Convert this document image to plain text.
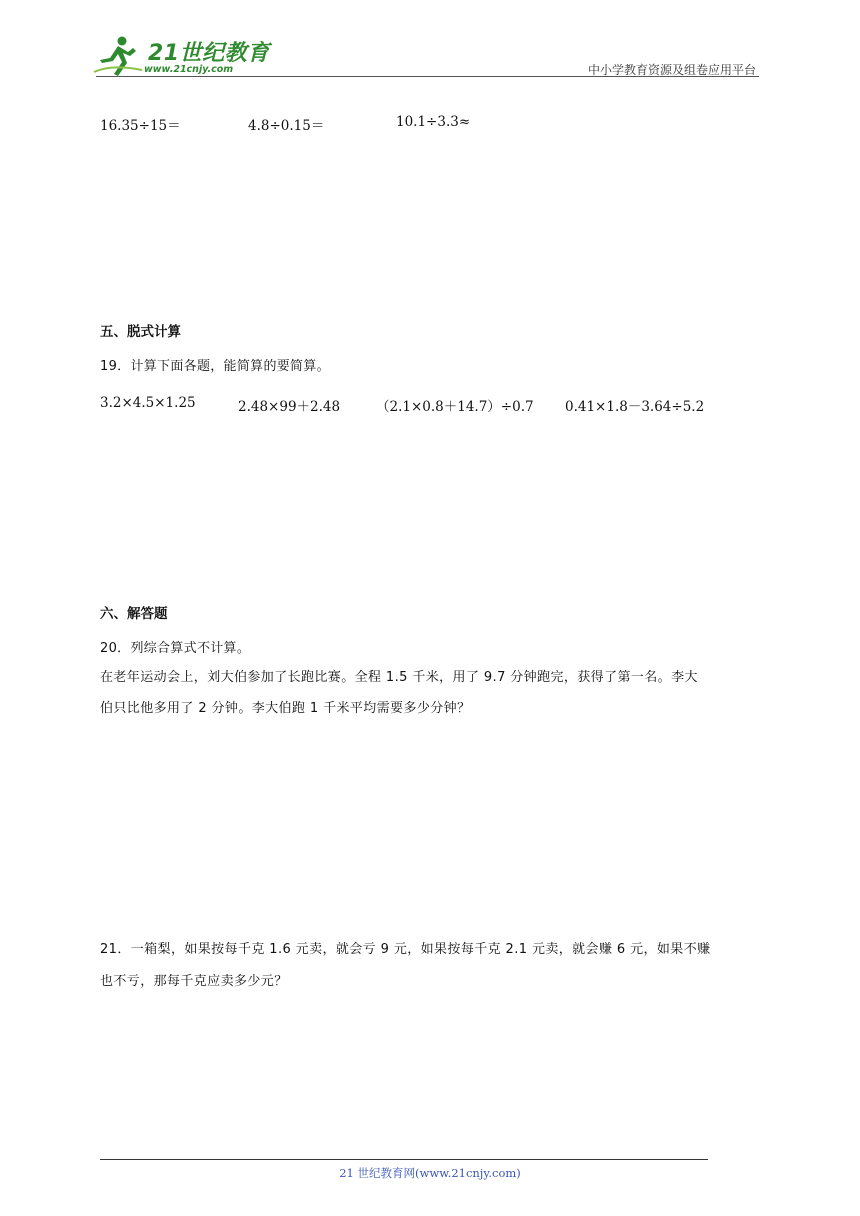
21世纪教育
www.21cnjy.com	中小学教育资源及组卷应用平台
16.35÷15＝	4.8÷0.15＝	10.1÷3.3≈
五、脱式计算
19．计算下面各题，能简算的要简算。
3.2×4.5×1.25	2.48×99＋2.48	（2.1×0.8＋14.7）÷0.7 0.41×1.8－3.64÷5.2
六、解答题
20．列综合算式不计算。
在老年运动会上，刘大伯参加了长跑比赛。全程 1.5 千米，用了 9.7 分钟跑完，获得了第一名。李大
伯只比他多用了 2 分钟。李大伯跑 1 千米平均需要多少分钟？
21．一箱梨，如果按每千克 1.6 元卖，就会亏 9 元，如果按每千克 2.1 元卖，就会赚 6 元，如果不赚
也不亏，那每千克应卖多少元？
21 世纪教育网(www.21cnjy.com)
